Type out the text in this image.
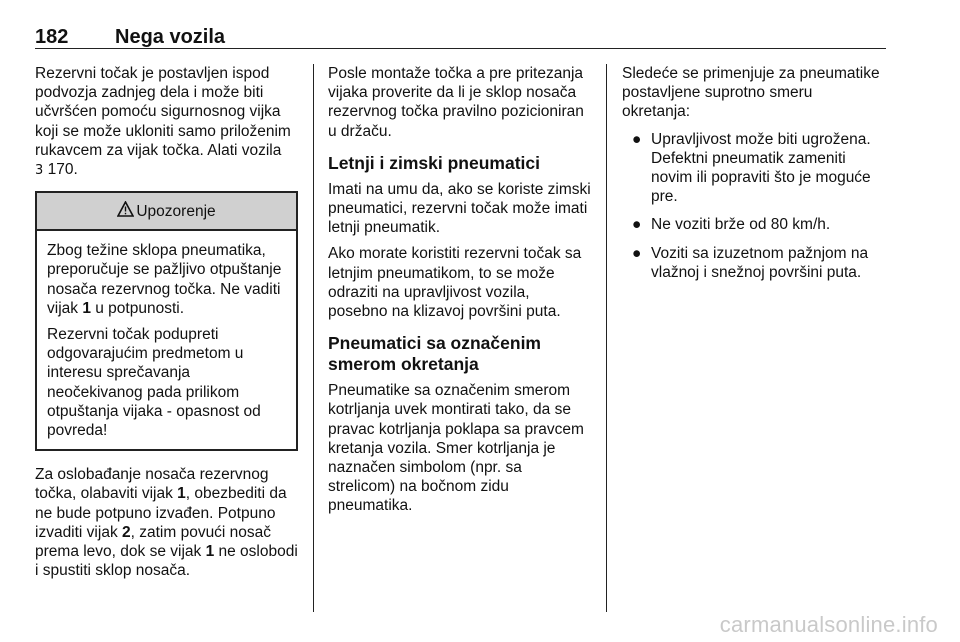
182 Nega vozila

Rezervni točak je postavljen ispod
podvozja zadnjeg dela i može biti
učvršćen pomoću sigurnosnog vijka
koji se može ukloniti samo priloženim
rukavcem za vijak točka. Alati vozila
3 170.

Upozorenje

Zbog težine sklopa pneumatika,
preporučuje se pažljivo otpuštanje
nosača rezervnog točka. Ne vaditi
vijak 1 u potpunosti.

Rezervni točak podupreti
odgovarajućim predmetom u
interesu sprečavanja
neočekivanog pada prilikom
otpuštanja vijaka - opasnost od
povreda!

Za oslobađanje nosača rezervnog
točka, olabaviti vijak 1, obezbediti da
ne bude potpuno izvađen. Potpuno
izvaditi vijak 2, zatim povući nosač
prema levo, dok se vijak 1 ne oslobodi
i spustiti sklop nosača.

Posle montaže točka a pre pritezanja
vijaka proverite da li je sklop nosača
rezervnog točka pravilno pozicioniran
u držaču.

Letnji i zimski pneumatici

Imati na umu da, ako se koriste zimski
pneumatici, rezervni točak može imati
letnji pneumatik.

Ako morate koristiti rezervni točak sa
letnjim pneumatikom, to se može
odraziti na upravljivost vozila,
posebno na klizavoj površini puta.

Pneumatici sa označenim
smerom okretanja

Pneumatike sa označenim smerom
kotrljanja uvek montirati tako, da se
pravac kotrljanja poklapa sa pravcem
kretanja vozila. Smer kotrljanja je
naznačen simbolom (npr. sa
strelicom) na bočnom zidu
pneumatika.

Sledeće se primenjuje za pneumatike
postavljene suprotno smeru
okretanja:

● Upravljivost može biti ugrožena.
Defektni pneumatik zameniti
novim ili popraviti što je moguće
pre.
● Ne voziti brže od 80 km/h.
● Voziti sa izuzetnom pažnjom na
vlažnoj i snežnoj površini puta.
carmanualsonline.info
